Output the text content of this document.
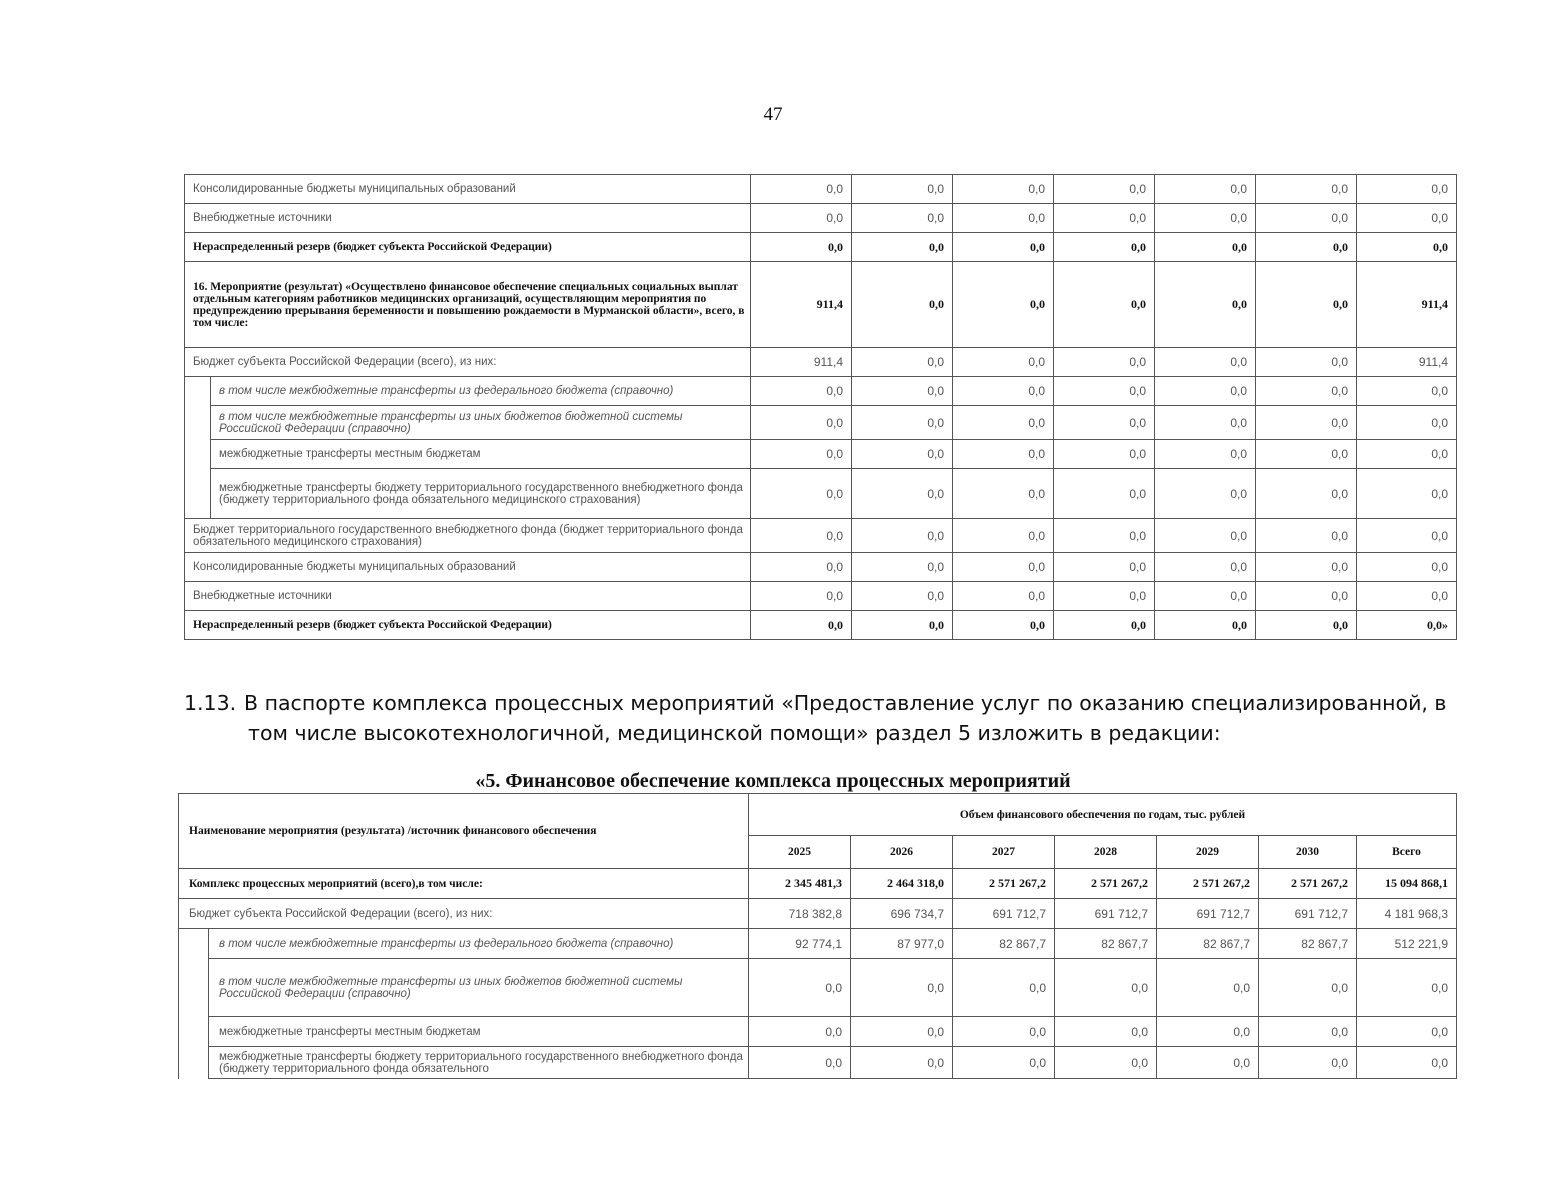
47
Консолидированные бюджеты муниципальных образований		0,0	0,0	0,0	0,0	0,0	0,0	0,0
Внебюджетные источники		0,0	0,0	0,0	0,0	0,0	0,0	0,0
Нераспределенный резерв (бюджет субъекта Российской Федерации)		0,0	0,0	0,0	0,0	0,0	0,0	0,0
16. Мероприятие (результат) «Осуществлено финансовое обеспечение специальных социальных выплат отдельным категориям работников медицинских организаций, осуществляющим мероприятия по предупреждению прерывания беременности и повышению рождаемости в Мурманской области», всего, в том числе:		911,4	0,0	0,0	0,0	0,0	0,0	911,4
Бюджет субъекта Российской Федерации (всего), из них:		911,4	0,0	0,0	0,0	0,0	0,0	911,4
	в том числе межбюджетные трансферты из федерального бюджета (справочно)	0,0	0,0	0,0	0,0	0,0	0,0	0,0
	в том числе межбюджетные трансферты из иных бюджетов бюджетной системы Российской Федерации (справочно)	0,0	0,0	0,0	0,0	0,0	0,0	0,0
	межбюджетные трансферты местным бюджетам	0,0	0,0	0,0	0,0	0,0	0,0	0,0
	межбюджетные трансферты бюджету территориального государственного внебюджетного фонда (бюджету территориального фонда обязательного медицинского страхования)	0,0	0,0	0,0	0,0	0,0	0,0	0,0
Бюджет территориального государственного внебюджетного фонда (бюджет территориального фонда обязательного медицинского страхования)		0,0	0,0	0,0	0,0	0,0	0,0	0,0
Консолидированные бюджеты муниципальных образований		0,0	0,0	0,0	0,0	0,0	0,0	0,0
Внебюджетные источники		0,0	0,0	0,0	0,0	0,0	0,0	0,0
Нераспределенный резерв (бюджет субъекта Российской Федерации)		0,0	0,0	0,0	0,0	0,0	0,0	0,0»
1.13. В паспорте комплекса процессных мероприятий «Предоставление услуг по оказанию специализированной, в
том числе высокотехнологичной, медицинской помощи» раздел 5 изложить в редакции:
«5. Финансовое обеспечение комплекса процессных мероприятий
Наименование мероприятия (результата) /источник финансового обеспечения		Объем финансового обеспечения по годам, тыс. рублей						
		2025	2026	2027	2028	2029	2030	Всего
Комплекс процессных мероприятий (всего),в том числе:		2 345 481,3	2 464 318,0	2 571 267,2	2 571 267,2	2 571 267,2	2 571 267,2	15 094 868,1
Бюджет субъекта Российской Федерации (всего), из них:		718 382,8	696 734,7	691 712,7	691 712,7	691 712,7	691 712,7	4 181 968,3
	в том числе межбюджетные трансферты из федерального бюджета (справочно)	92 774,1	87 977,0	82 867,7	82 867,7	82 867,7	82 867,7	512 221,9
	в том числе межбюджетные трансферты из иных бюджетов бюджетной системы Российской Федерации (справочно)	0,0	0,0	0,0	0,0	0,0	0,0	0,0
	межбюджетные трансферты местным бюджетам	0,0	0,0	0,0	0,0	0,0	0,0	0,0
	межбюджетные трансферты бюджету территориального государственного внебюджетного фонда (бюджету территориального фонда обязательного	0,0	0,0	0,0	0,0	0,0	0,0	0,0
